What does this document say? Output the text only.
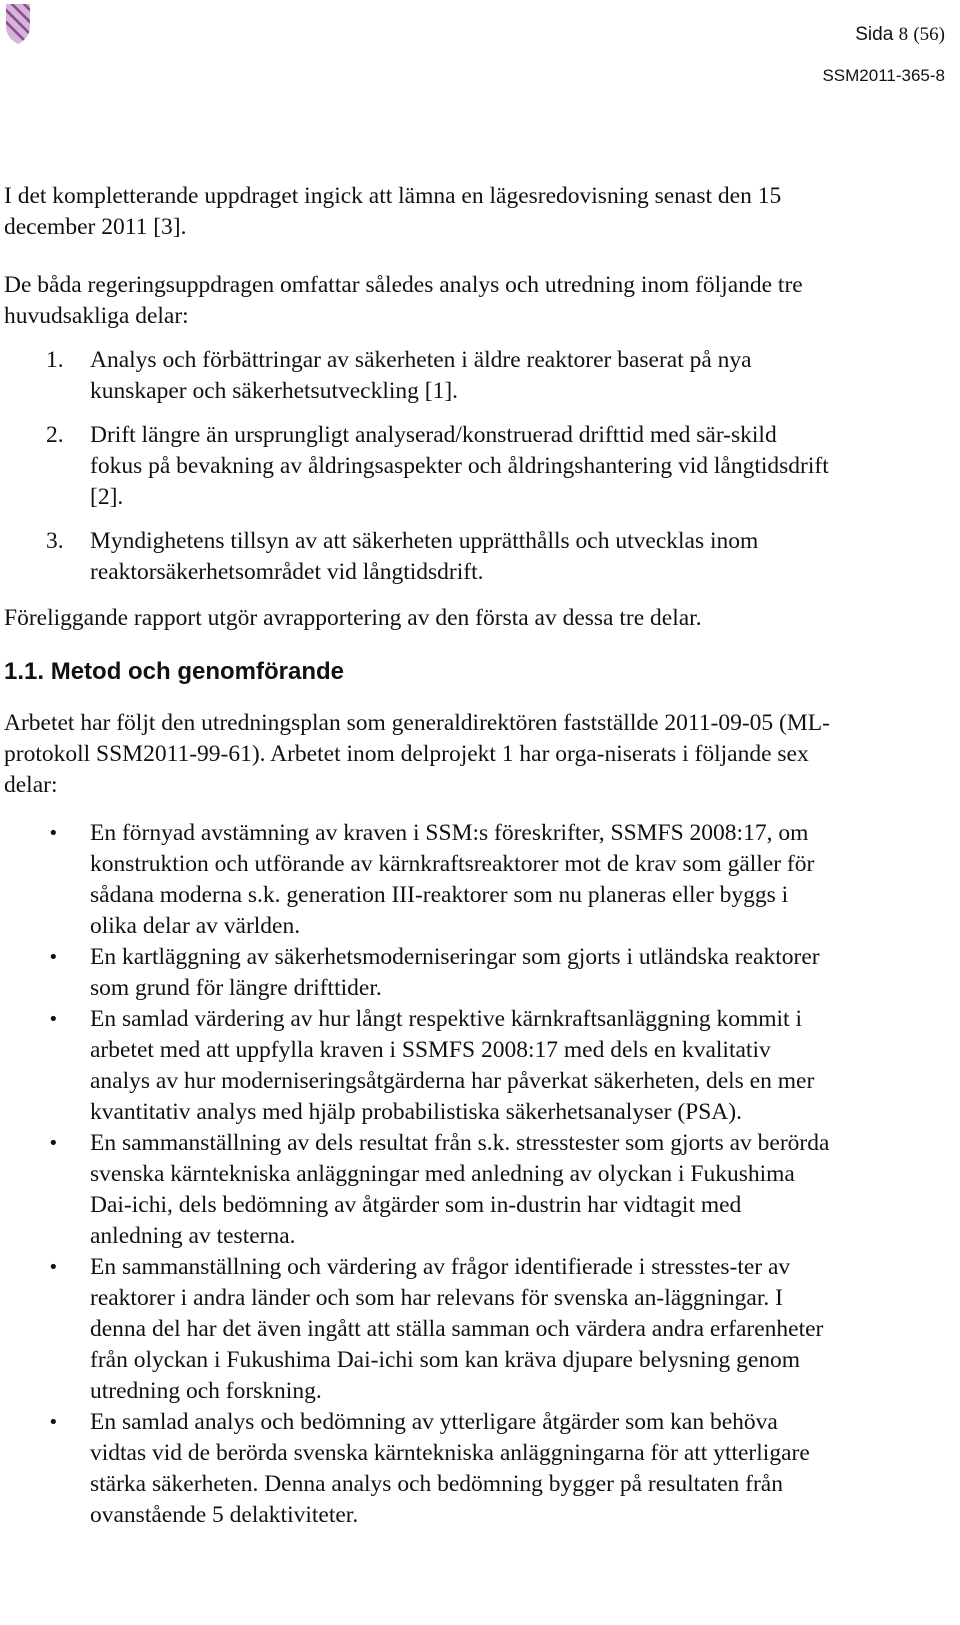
Sida 8 (56)
SSM2011-365-8

I det kompletterande uppdraget ingick att lämna en lägesredovisning senast den 15 december 2011 [3].

De båda regeringsuppdragen omfattar således analys och utredning inom följande tre huvudsakliga delar:

1. Analys och förbättringar av säkerheten i äldre reaktorer baserat på nya kunskaper och säkerhetsutveckling [1].
2. Drift längre än ursprungligt analyserad/konstruerad drifttid med sär-skild fokus på bevakning av åldringsaspekter och åldringshantering vid långtidsdrift [2].
3. Myndighetens tillsyn av att säkerheten upprätthålls och utvecklas inom reaktorsäkerhetsområdet vid långtidsdrift.

Föreliggande rapport utgör avrapportering av den första av dessa tre delar.

1.1. Metod och genomförande

Arbetet har följt den utredningsplan som generaldirektören fastställde 2011-09-05 (ML-protokoll SSM2011-99-61). Arbetet inom delprojekt 1 har orga-niserats i följande sex delar:

• En förnyad avstämning av kraven i SSM:s föreskrifter, SSMFS 2008:17, om konstruktion och utförande av kärnkraftsreaktorer mot de krav som gäller för sådana moderna s.k. generation III-reaktorer som nu planeras eller byggs i olika delar av världen.
• En kartläggning av säkerhetsmoderniseringar som gjorts i utländska reaktorer som grund för längre drifttider.
• En samlad värdering av hur långt respektive kärnkraftsanläggning kommit i arbetet med att uppfylla kraven i SSMFS 2008:17 med dels en kvalitativ analys av hur moderniseringsåtgärderna har påverkat säkerheten, dels en mer kvantitativ analys med hjälp probabilistiska säkerhetsanalyser (PSA).
• En sammanställning av dels resultat från s.k. stresstester som gjorts av berörda svenska kärntekniska anläggningar med anledning av olyckan i Fukushima Dai-ichi, dels bedömning av åtgärder som in-dustrin har vidtagit med anledning av testerna.
• En sammanställning och värdering av frågor identifierade i stresstes-ter av reaktorer i andra länder och som har relevans för svenska an-läggningar. I denna del har det även ingått att ställa samman och värdera andra erfarenheter från olyckan i Fukushima Dai-ichi som kan kräva djupare belysning genom utredning och forskning.
• En samlad analys och bedömning av ytterligare åtgärder som kan behöva vidtas vid de berörda svenska kärntekniska anläggningarna för att ytterligare stärka säkerheten. Denna analys och bedömning bygger på resultaten från ovanstående 5 delaktiviteter.
